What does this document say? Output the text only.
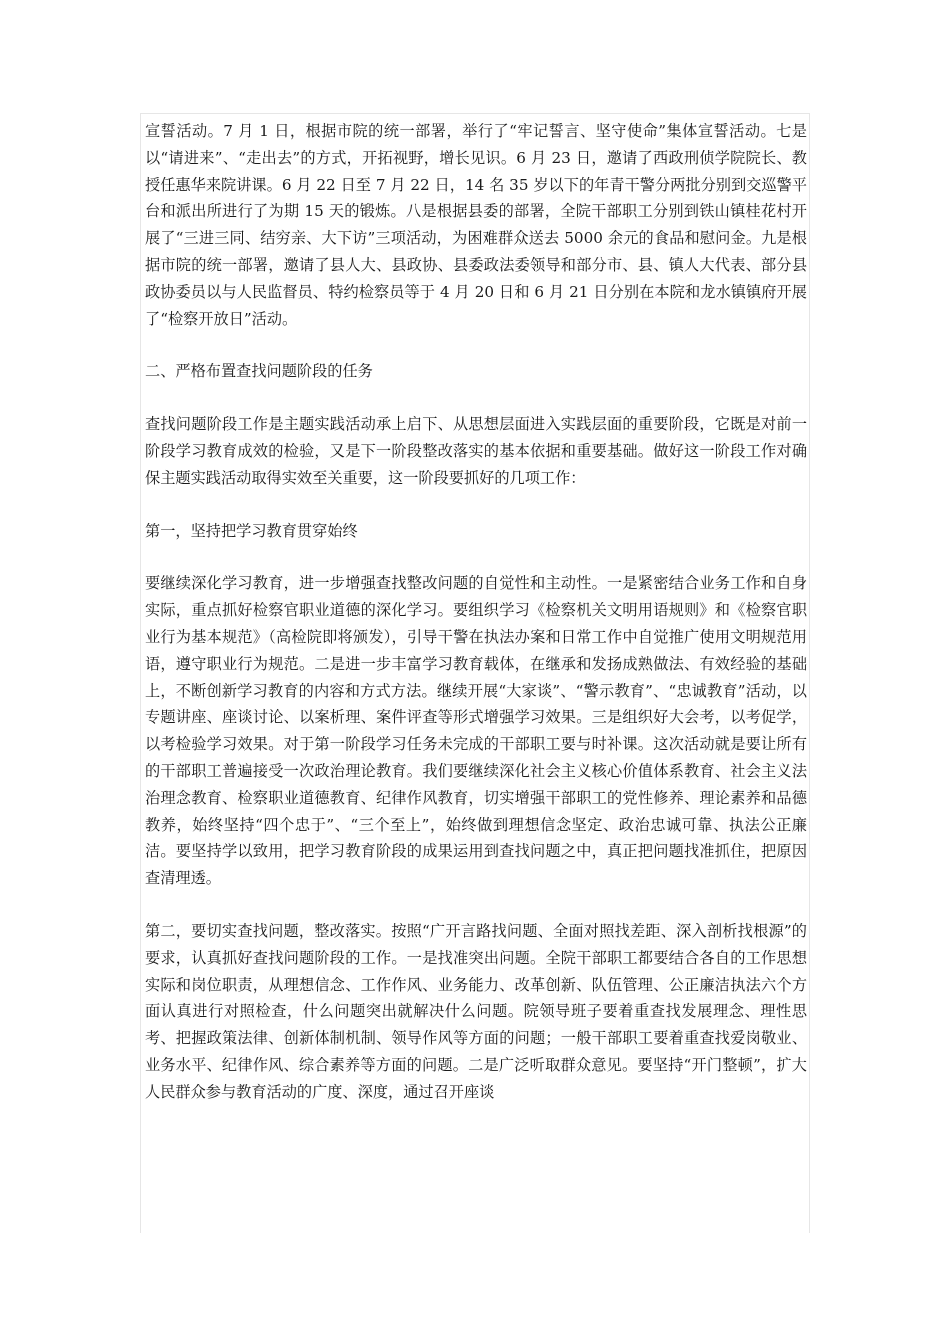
宣誓活动。7 月 1 日，根据市院的统一部署，举行了“牢记誓言、坚守使命”集体宣誓活动。七是以“请进来”、“走出去”的方式，开拓视野，增长见识。6 月 23 日，邀请了西政刑侦学院院长、教授任惠华来院讲课。6 月 22 日至 7 月 22 日，14 名 35 岁以下的年青干警分两批分别到交巡警平台和派出所进行了为期 15 天的锻炼。八是根据县委的部署，全院干部职工分别到铁山镇桂花村开展了“三进三同、结穷亲、大下访”三项活动，为困难群众送去 5000 余元的食品和慰问金。九是根据市院的统一部署，邀请了县人大、县政协、县委政法委领导和部分市、县、镇人大代表、部分县政协委员以与人民监督员、特约检察员等于 4 月 20 日和 6 月 21 日分别在本院和龙水镇镇府开展了“检察开放日”活动。

二、严格布置查找问题阶段的任务

查找问题阶段工作是主题实践活动承上启下、从思想层面进入实践层面的重要阶段，它既是对前一阶段学习教育成效的检验，又是下一阶段整改落实的基本依据和重要基础。做好这一阶段工作对确保主题实践活动取得实效至关重要，这一阶段要抓好的几项工作：

第一，坚持把学习教育贯穿始终

要继续深化学习教育，进一步增强查找整改问题的自觉性和主动性。一是紧密结合业务工作和自身实际，重点抓好检察官职业道德的深化学习。要组织学习《检察机关文明用语规则》和《检察官职业行为基本规范》（高检院即将颁发），引导干警在执法办案和日常工作中自觉推广使用文明规范用语，遵守职业行为规范。二是进一步丰富学习教育载体，在继承和发扬成熟做法、有效经验的基础上，不断创新学习教育的内容和方式方法。继续开展“大家谈”、“警示教育”、“忠诚教育”活动，以专题讲座、座谈讨论、以案析理、案件评查等形式增强学习效果。三是组织好大会考，以考促学，以考检验学习效果。对于第一阶段学习任务未完成的干部职工要与时补课。这次活动就是要让所有的干部职工普遍接受一次政治理论教育。我们要继续深化社会主义核心价值体系教育、社会主义法治理念教育、检察职业道德教育、纪律作风教育，切实增强干部职工的党性修养、理论素养和品德教养，始终坚持“四个忠于”、“三个至上”，始终做到理想信念坚定、政治忠诚可靠、执法公正廉洁。要坚持学以致用，把学习教育阶段的成果运用到查找问题之中，真正把问题找准抓住，把原因查清理透。

第二，要切实查找问题，整改落实。按照“广开言路找问题、全面对照找差距、深入剖析找根源”的要求，认真抓好查找问题阶段的工作。一是找准突出问题。全院干部职工都要结合各自的工作思想实际和岗位职责，从理想信念、工作作风、业务能力、改革创新、队伍管理、公正廉洁执法六个方面认真进行对照检查，什么问题突出就解决什么问题。院领导班子要着重查找发展理念、理性思考、把握政策法律、创新体制机制、领导作风等方面的问题；一般干部职工要着重查找爱岗敬业、业务水平、纪律作风、综合素养等方面的问题。二是广泛听取群众意见。要坚持“开门整顿”，扩大人民群众参与教育活动的广度、深度，通过召开座谈
